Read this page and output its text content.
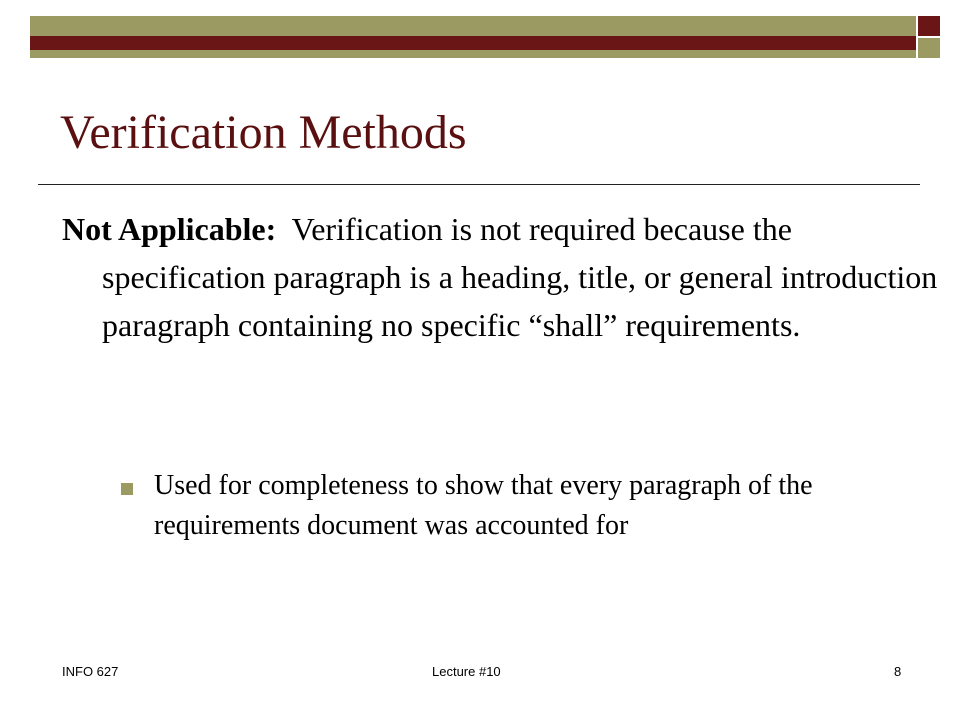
Verification Methods

Not Applicable: Verification is not required because the specification paragraph is a heading, title, or general introduction paragraph containing no specific “shall” requirements.

Used for completeness to show that every paragraph of the requirements document was accounted for

INFO 627	Lecture #10	8
